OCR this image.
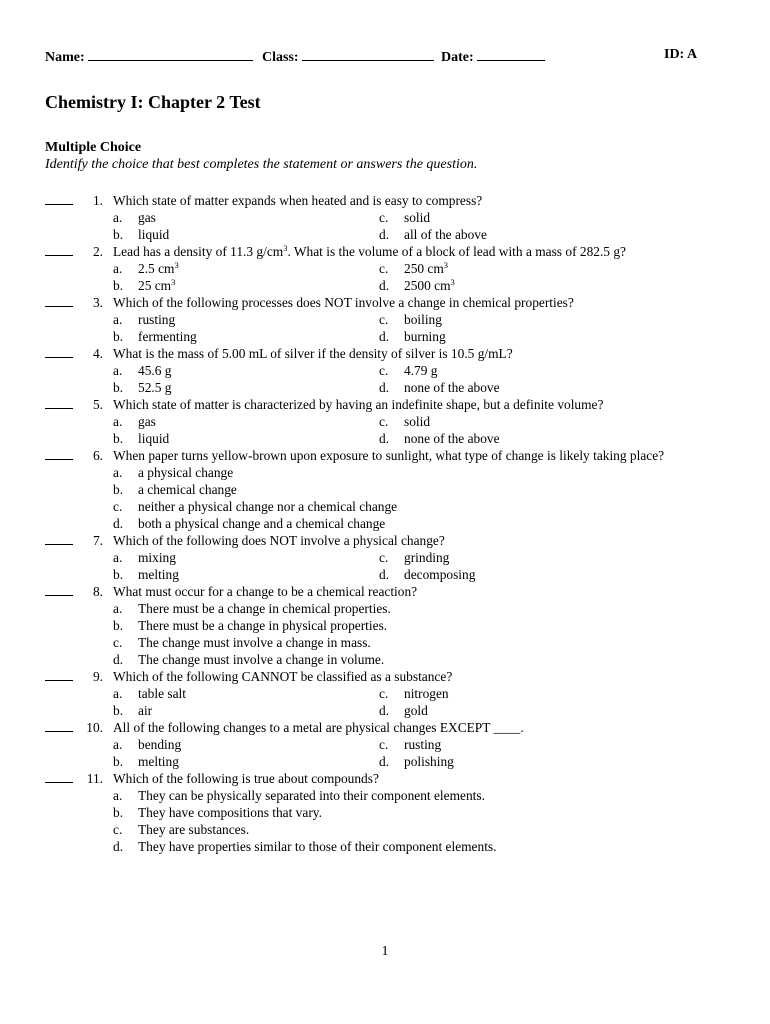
Name:	Class:	Date:	ID: A
Chemistry I: Chapter 2 Test
Multiple Choice
Identify the choice that best completes the statement or answers the question.
1. Which state of matter expands when heated and is easy to compress?
a. gas	c. solid
b. liquid	d. all of the above
2. Lead has a density of 11.3 $g/cm^3$. What is the volume of a block of lead with a mass of 282.5 g?
a. 2.5 $cm^3$	c. 250 $cm^3$
b. 25 $cm^3$	d. 2500 $cm^3$
3. Which of the following processes does NOT involve a change in chemical properties?
a. rusting	c. boiling
b. fermenting	d. burning
4. What is the mass of 5.00 mL of silver if the density of silver is 10.5 g/mL?
a. 45.6 g	c. 4.79 g
b. 52.5 g	d. none of the above
5. Which state of matter is characterized by having an indefinite shape, but a definite volume?
a. gas	c. solid
b. liquid	d. none of the above
6. When paper turns yellow-brown upon exposure to sunlight, what type of change is likely taking place?
a. a physical change
b. a chemical change
c. neither a physical change nor a chemical change
d. both a physical change and a chemical change
7. Which of the following does NOT involve a physical change?
a. mixing	c. grinding
b. melting	d. decomposing
8. What must occur for a change to be a chemical reaction?
a. There must be a change in chemical properties.
b. There must be a change in physical properties.
c. The change must involve a change in mass.
d. The change must involve a change in volume.
9. Which of the following CANNOT be classified as a substance?
a. table salt	c. nitrogen
b. air	d. gold
10. All of the following changes to a metal are physical changes EXCEPT ____.
a. bending	c. rusting
b. melting	d. polishing
11. Which of the following is true about compounds?
a. They can be physically separated into their component elements.
b. They have compositions that vary.
c. They are substances.
d. They have properties similar to those of their component elements.
1
